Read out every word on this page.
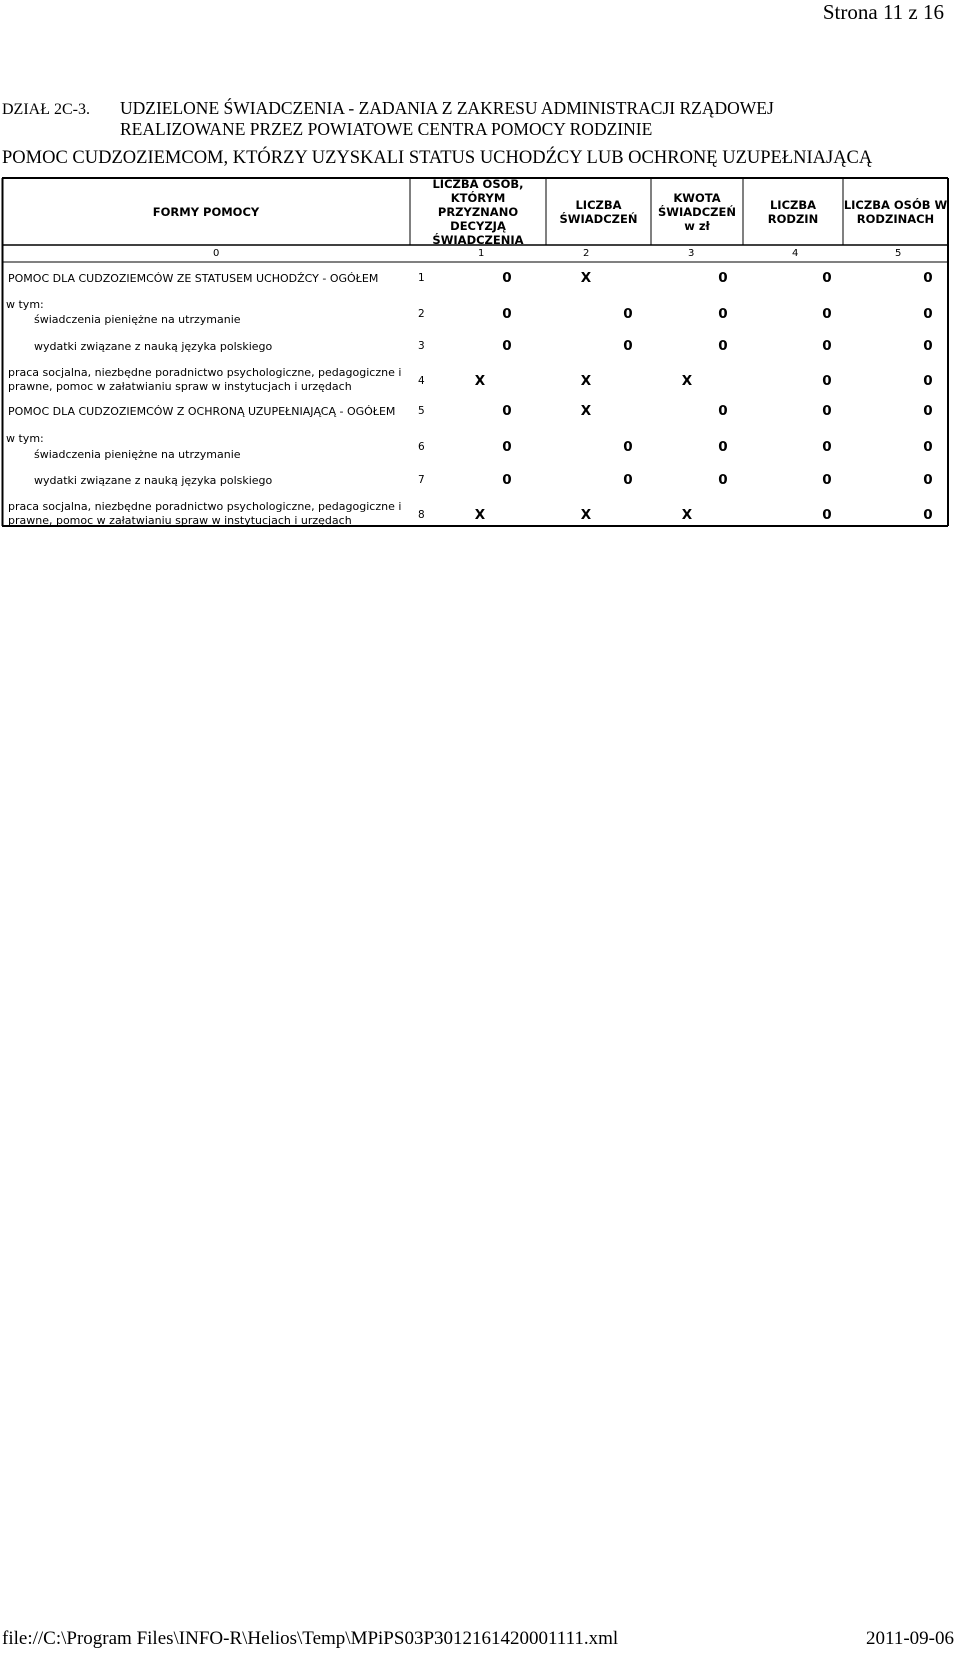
Strona 11 z 16
DZIAŁ 2C-3. UDZIELONE ŚWIADCZENIA - ZADANIA Z ZAKRESU ADMINISTRACJI RZĄDOWEJ
REALIZOWANE PRZEZ POWIATOWE CENTRA POMOCY RODZINIE
POMOC CUDZOZIEMCOM, KTÓRZY UZYSKALI STATUS UCHODŹCY LUB OCHRONĘ UZUPEŁNIAJĄCĄ
FORMY POMOCY
LICZBA OSÓB,
KTÓRYM
PRZYZNANO
DECYZJĄ
ŚWIADCZENIA
LICZBA
ŚWIADCZEŃ
KWOTA
ŚWIADCZEŃ
w zł
LICZBA RODZIN
LICZBA OSÓB W
RODZINACH
0	1	2	3	4	5
POMOC DLA CUDZOZIEMCÓW ZE STATUSEM UCHODŹCY - OGÓŁEM	1	0	X	0	0	0
w tym:
świadczenia pieniężne na utrzymanie	2	0	0	0	0	0
wydatki związane z nauką języka polskiego	3	0	0	0	0	0
praca socjalna, niezbędne poradnictwo psychologiczne, pedagogiczne i
prawne, pomoc w załatwianiu spraw w instytucjach i urzędach	4	X	X	X	0	0
POMOC DLA CUDZOZIEMCÓW Z OCHRONĄ UZUPEŁNIAJĄCĄ - OGÓŁEM 5	0	X	0	0	0
w tym:
świadczenia pieniężne na utrzymanie
6	0	0	0	0	0
wydatki związane z nauką języka polskiego	7	0	0	0	0	0
praca socjalna, niezbędne poradnictwo psychologiczne, pedagogiczne i
prawne, pomoc w załatwianiu spraw w instytucjach i urzędach	8	X	X	X	0	0
file://C:\Program Files\INFO-R\Helios\Temp\MPiPS03P3012161420001111.xml	2011-09-06
